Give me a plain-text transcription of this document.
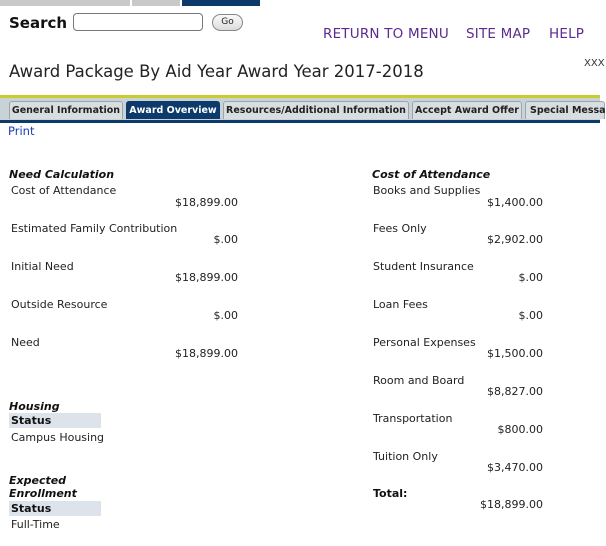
Search	Go
RETURN TO MENU SITE MAP HELP
XXX
Award Package By Aid Year Award Year 2017-2018
General Information Award Overview Resources/Additional Information Accept Award Offer	Special Messa
Print
Need Calculation
Cost of Attendance
$18,899.00
Estimated Family Contribution
$.00
Initial Need
$18,899.00
Outside Resource
$.00
Need
$18,899.00
Housing
Status
Campus Housing
Expected
Enrollment
Status
Full-Time
Cost of Attendance
Books and Supplies
$1,400.00
Fees Only
$2,902.00
Student Insurance
$.00
Loan Fees
$.00
Personal Expenses
$1,500.00
Room and Board
$8,827.00
Transportation
$800.00
Tuition Only
$3,470.00
Total:
$18,899.00
